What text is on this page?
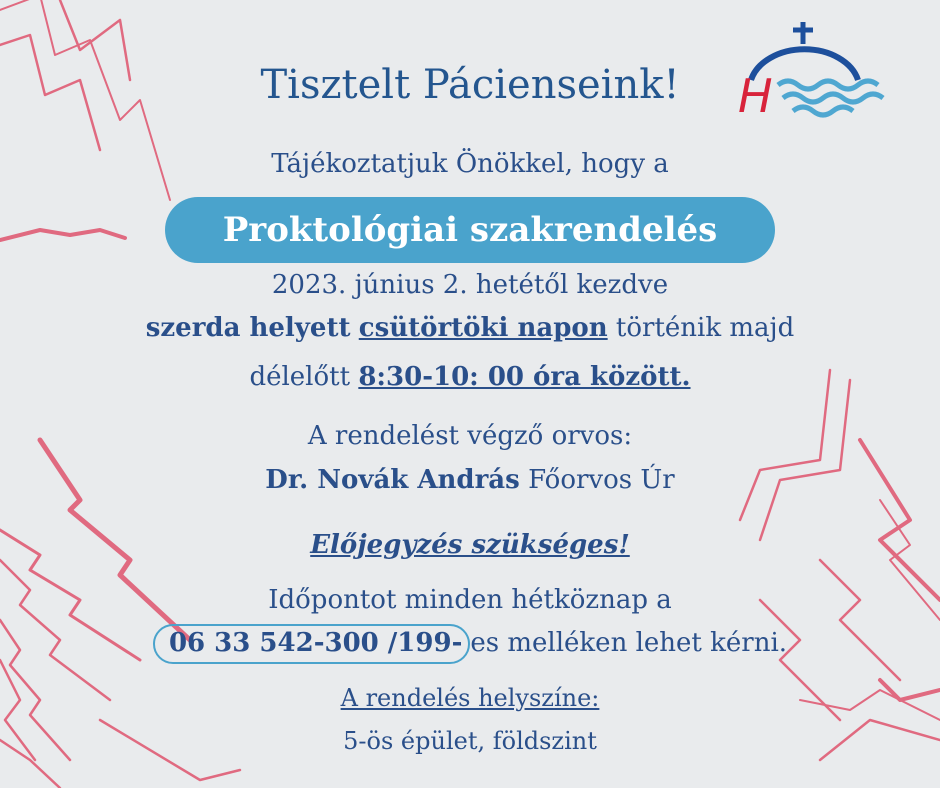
H
Tisztelt Pácienseink!
Tájékoztatjuk Önökkel, hogy a
Proktológiai szakrendelés
2023. június 2. hetétől kezdve
szerda helyett csütörtöki napon történik majd
délelőtt 8:30-10: 00 óra között.
A rendelést végző orvos:
Dr. Novák András Főorvos Úr
Előjegyzés szükséges!
Időpontot minden hétköznap a
06 33 542-300 /199- es melléken lehet kérni.
A rendelés helyszíne:
5-ös épület, földszint
